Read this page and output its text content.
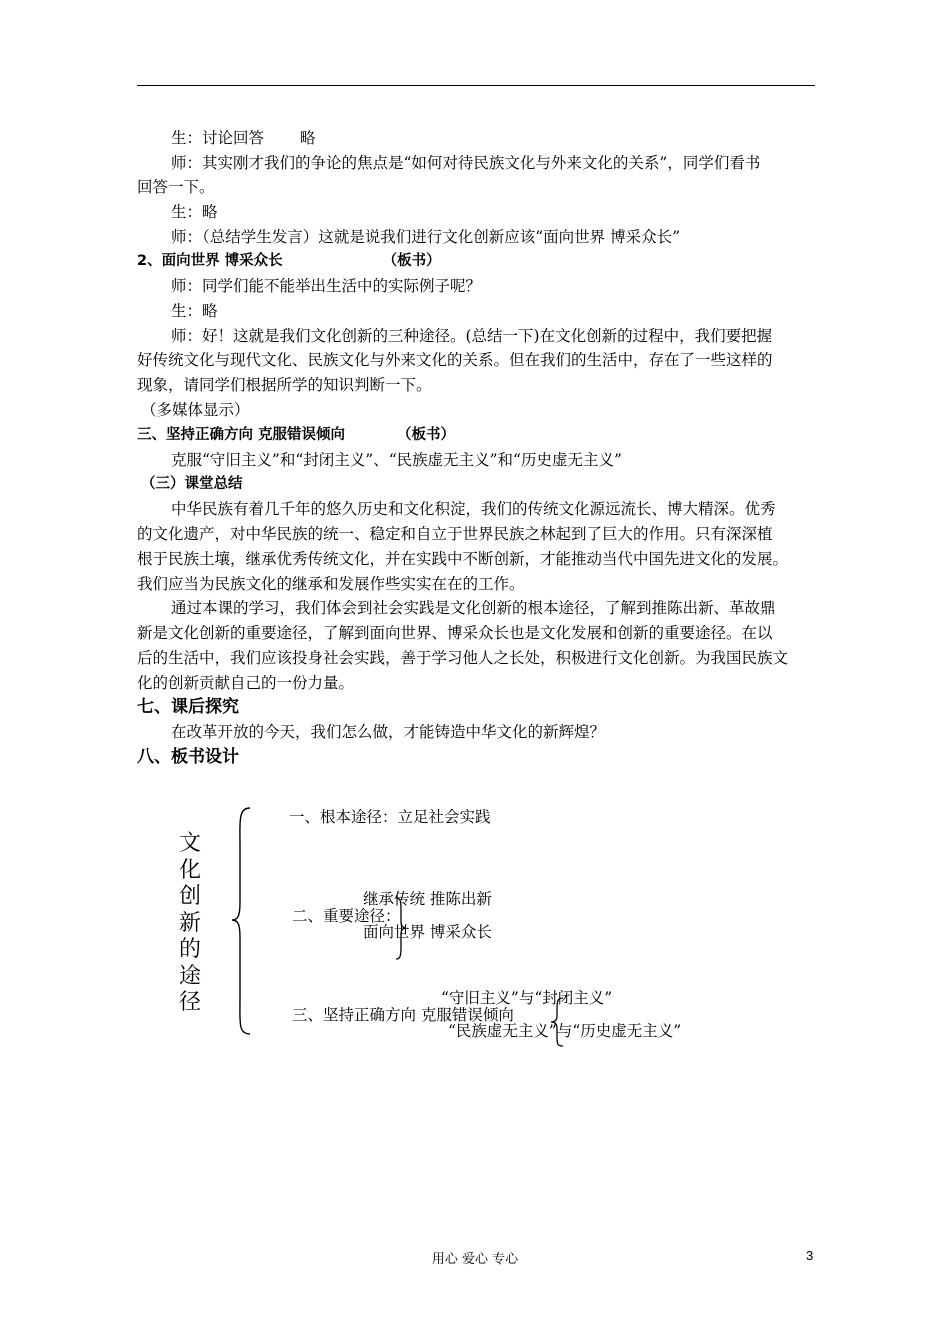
生：讨论回答 略
师：其实刚才我们的争论的焦点是“如何对待民族文化与外来文化的关系”，同学们看书
回答一下。
生：略
师：（总结学生发言）这就是说我们进行文化创新应该“面向世界 博采众长”
2、面向世界 博采众长	（板书）
师：同学们能不能举出生活中的实际例子呢？
生：略
师：好！这就是我们文化创新的三种途径。(总结一下)在文化创新的过程中，我们要把握
好传统文化与现代文化、民族文化与外来文化的关系。但在我们的生活中，存在了一些这样的
现象，请同学们根据所学的知识判断一下。
（多媒体显示）
三、坚持正确方向 克服错误倾向	（板书）
克服“守旧主义”和“封闭主义”、“民族虚无主义”和“历史虚无主义”
（三）课堂总结
中华民族有着几千年的悠久历史和文化积淀，我们的传统文化源远流长、博大精深。优秀
的文化遗产，对中华民族的统一、稳定和自立于世界民族之林起到了巨大的作用。只有深深植
根于民族土壤，继承优秀传统文化，并在实践中不断创新，才能推动当代中国先进文化的发展。
我们应当为民族文化的继承和发展作些实实在在的工作。
通过本课的学习，我们体会到社会实践是文化创新的根本途径，了解到推陈出新、革故鼎
新是文化创新的重要途径，了解到面向世界、博采众长也是文化发展和创新的重要途径。在以
后的生活中，我们应该投身社会实践，善于学习他人之长处，积极进行文化创新。为我国民族文
化的创新贡献自己的一份力量。
七、课后探究
在改革开放的今天，我们怎么做，才能铸造中华文化的新辉煌？
八、板书设计
文
化
创
新
的
途
径
一、根本途径：立足社会实践
继承传统 推陈出新
二、重要途径：
面向世界 博采众长
“守旧主义”与“封闭主义”
三、坚持正确方向 克服错误倾向
“民族虚无主义”与“历史虚无主义”
用心 爱心 专心	3
